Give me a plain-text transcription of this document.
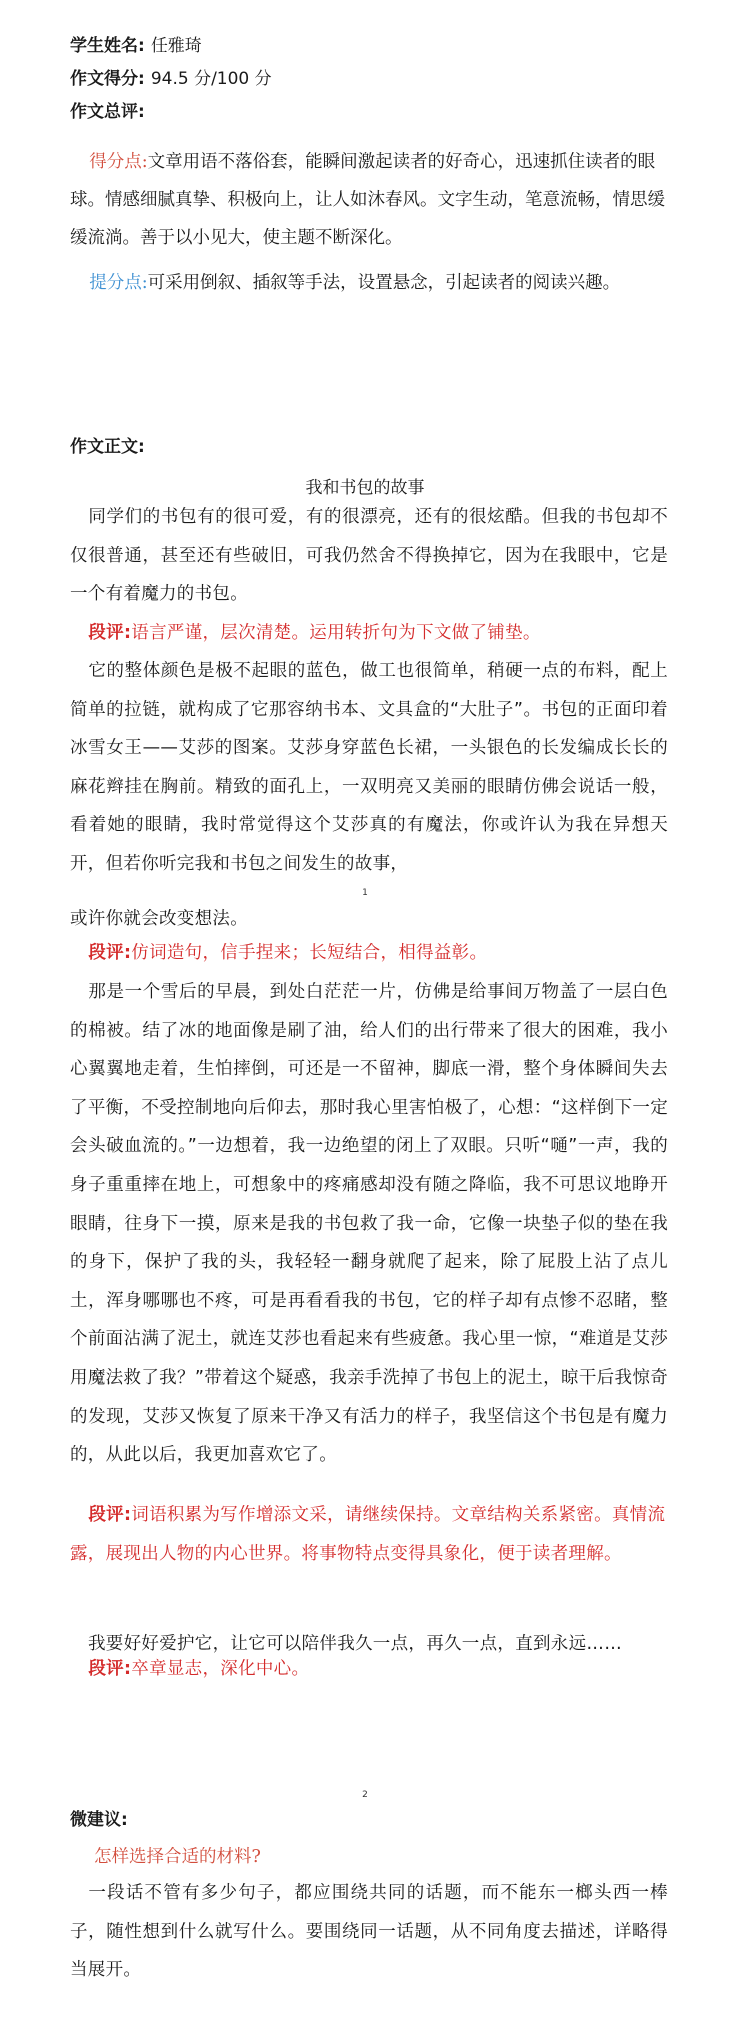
学生姓名: 任雅琦
作文得分: 94.5 分/100 分
作文总评:
得分点:文章用语不落俗套，能瞬间激起读者的好奇心，迅速抓住读者的眼球。情感细腻真挚、积极向上，让人如沐春风。文字生动，笔意流畅，情思缓缓流淌。善于以小见大，使主题不断深化。
提分点:可采用倒叙、插叙等手法，设置悬念，引起读者的阅读兴趣。
作文正文:
我和书包的故事
同学们的书包有的很可爱，有的很漂亮，还有的很炫酷。但我的书包却不仅很普通，甚至还有些破旧，可我仍然舍不得换掉它，因为在我眼中，它是一个有着魔力的书包。
段评:语言严谨，层次清楚。运用转折句为下文做了铺垫。
它的整体颜色是极不起眼的蓝色，做工也很简单，稍硬一点的布料，配上简单的拉链，就构成了它那容纳书本、文具盒的“大肚子”。书包的正面印着冰雪女王——艾莎的图案。艾莎身穿蓝色长裙，一头银色的长发编成长长的麻花辫挂在胸前。精致的面孔上，一双明亮又美丽的眼睛仿佛会说话一般，看着她的眼睛，我时常觉得这个艾莎真的有魔法，你或许认为我在异想天开，但若你听完我和书包之间发生的故事，
1
或许你就会改变想法。
段评:仿词造句，信手捏来；长短结合，相得益彰。
那是一个雪后的早晨，到处白茫茫一片，仿佛是给事间万物盖了一层白色的棉被。结了冰的地面像是刷了油，给人们的出行带来了很大的困难，我小心翼翼地走着，生怕摔倒，可还是一不留神，脚底一滑，整个身体瞬间失去了平衡，不受控制地向后仰去，那时我心里害怕极了，心想：“这样倒下一定会头破血流的。”一边想着，我一边绝望的闭上了双眼。只听“嗵”一声，我的身子重重摔在地上，可想象中的疼痛感却没有随之降临，我不可思议地睁开眼睛，往身下一摸，原来是我的书包救了我一命，它像一块垫子似的垫在我的身下，保护了我的头，我轻轻一翻身就爬了起来，除了屁股上沾了点儿土，浑身哪哪也不疼，可是再看看我的书包，它的样子却有点惨不忍睹，整个前面沾满了泥土，就连艾莎也看起来有些疲惫。我心里一惊，“难道是艾莎用魔法救了我？”带着这个疑惑，我亲手洗掉了书包上的泥土，晾干后我惊奇的发现，艾莎又恢复了原来干净又有活力的样子，我坚信这个书包是有魔力的，从此以后，我更加喜欢它了。
段评:词语积累为写作增添文采，请继续保持。文章结构关系紧密。真情流露，展现出人物的内心世界。将事物特点变得具象化，便于读者理解。
我要好好爱护它，让它可以陪伴我久一点，再久一点，直到永远……
段评:卒章显志，深化中心。
2
微建议:
怎样选择合适的材料?
一段话不管有多少句子，都应围绕共同的话题，而不能东一榔头西一棒子，随性想到什么就写什么。要围绕同一话题，从不同角度去描述，详略得当展开。
